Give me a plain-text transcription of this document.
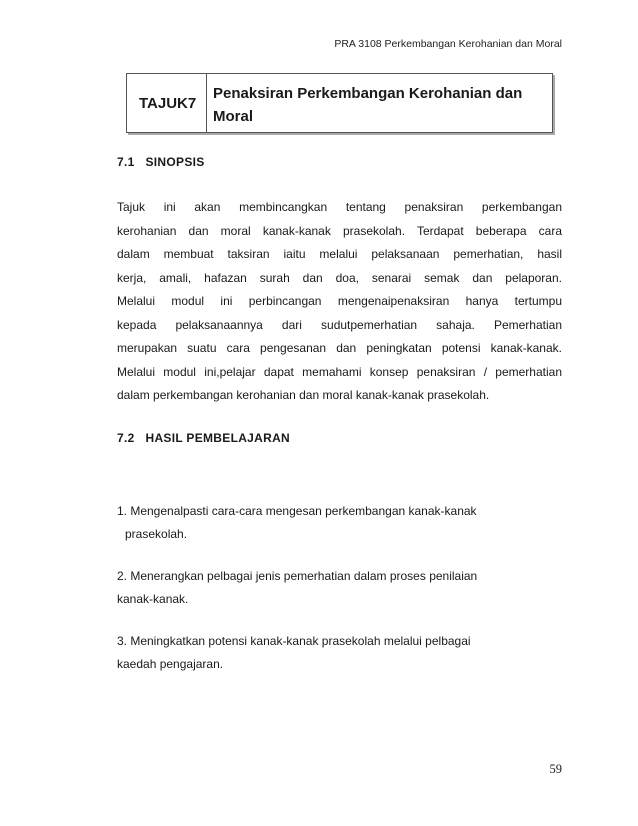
PRA 3108 Perkembangan Kerohanian dan Moral
TAJUK7
Penaksiran Perkembangan Kerohanian dan
Moral
7.1   SINOPSIS
Tajuk ini akan membincangkan tentang penaksiran perkembangan
kerohanian dan moral kanak-kanak prasekolah. Terdapat beberapa cara
dalam membuat taksiran iaitu melalui pelaksanaan pemerhatian, hasil
kerja, amali, hafazan surah dan doa, senarai semak dan pelaporan.
Melalui modul ini perbincangan mengenaipenaksiran hanya tertumpu
kepada pelaksanaannya dari sudutpemerhatian sahaja. Pemerhatian
merupakan suatu cara pengesanan dan peningkatan potensi kanak-kanak.
Melalui modul ini,pelajar dapat memahami konsep penaksiran / pemerhatian
dalam perkembangan kerohanian dan moral kanak-kanak prasekolah.
7.2   HASIL PEMBELAJARAN
1. Mengenalpasti cara-cara mengesan perkembangan kanak-kanak
prasekolah.
2. Menerangkan pelbagai jenis pemerhatian dalam proses penilaian
kanak-kanak.
3. Meningkatkan potensi kanak-kanak prasekolah melalui pelbagai
kaedah pengajaran.
59
